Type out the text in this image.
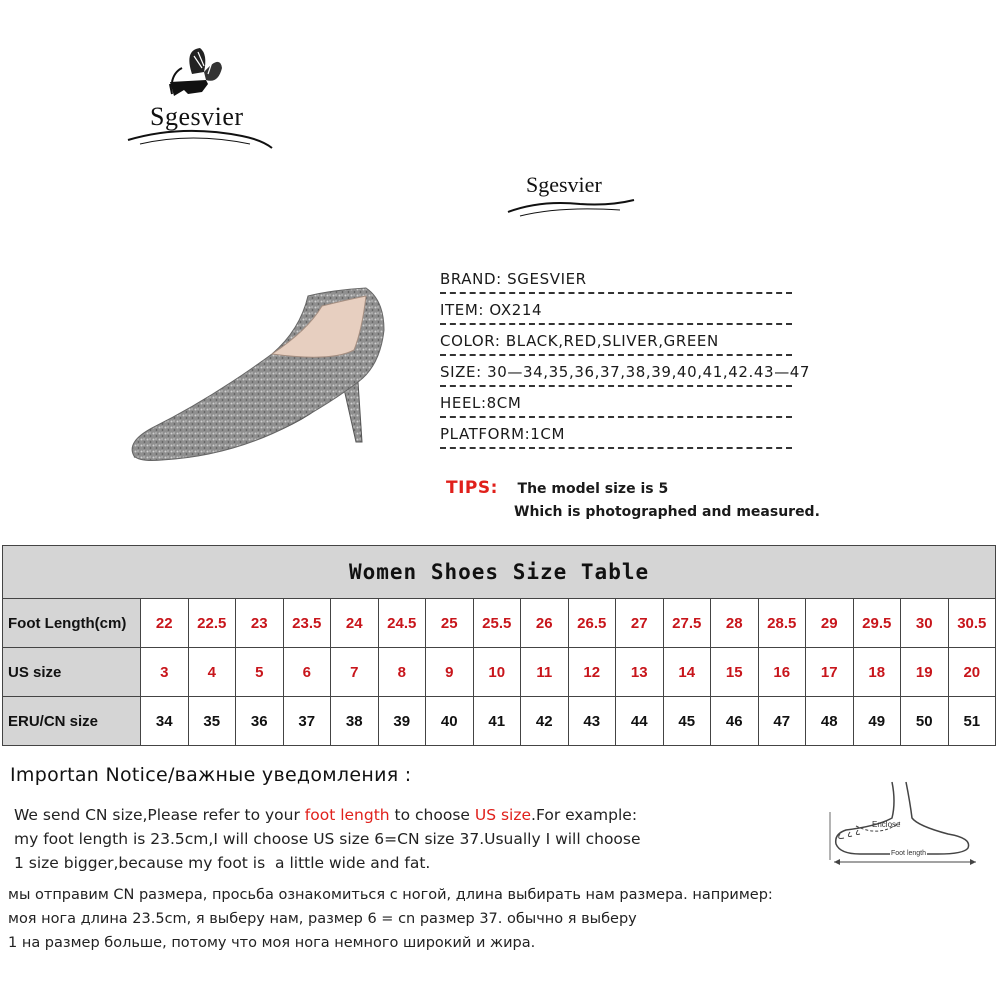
Sgesvier
Sgesvier
BRAND: SGESVIER
ITEM: OX214
COLOR: BLACK,RED,SLIVER,GREEN
SIZE: 30—34,35,36,37,38,39,40,41,42.43—47
HEEL:8CM
PLATFORM:1CM
TIPS: The model size is 5
Which is photographed and measured.
Women Shoes Size Table																		
Foot Length(cm)	22	22.5	23	23.5	24	24.5	25	25.5	26	26.5	27	27.5	28	28.5	29	29.5	30	30.5
US size	3	4	5	6	7	8	9	10	11	12	13	14	15	16	17	18	19	20
ERU/CN size	34	35	36	37	38	39	40	41	42	43	44	45	46	47	48	49	50	51
Importan Notice/важные уведомления :
We send CN size,Please refer to your foot length to choose US size.For example:
my foot length is 23.5cm,I will choose US size 6=CN size 37.Usually I will choose
1 size bigger,because my foot is  a little wide and fat.
Enclose
Foot length
мы отправим CN размера, просьба ознакомиться с ногой, длина выбирать нам размера. например:
моя нога длина 23.5cm, я выберу нам, размер 6 = cn размер 37. обычно я выберу
1 на размер больше, потому что моя нога немного широкий и жира.
